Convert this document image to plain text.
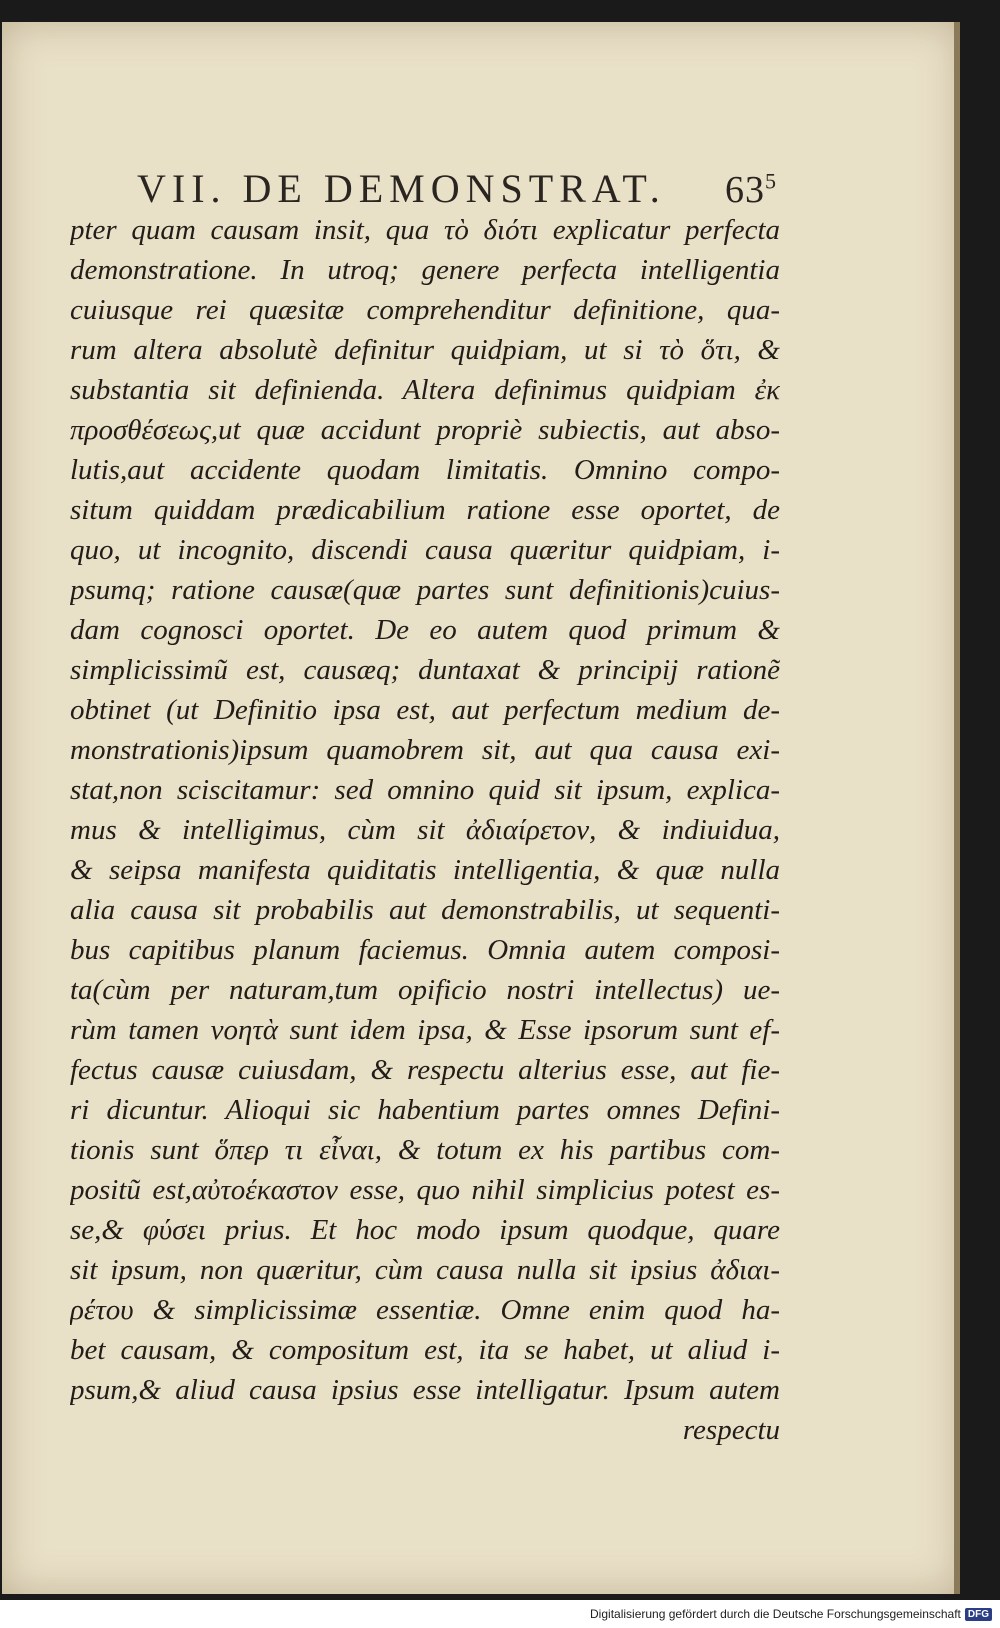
VII. DE DEMONSTRAT. $63^5$
pter quam causam insit, qua τὸ διότι explicatur perfecta
demonstratione. In utroq; genere perfecta intelligentia
cuiusque rei quæsitæ comprehenditur definitione, qua-
rum altera absolutè definitur quidpiam, ut si τὸ ὅτι, &
substantia sit definienda. Altera definimus quidpiam ἐκ
προσθέσεως,ut quæ accidunt propriè subiectis, aut abso-
lutis,aut accidente quodam limitatis. Omnino compo-
situm quiddam prædicabilium ratione esse oportet, de
quo, ut incognito, discendi causa quæritur quidpiam, i-
psumq; ratione causæ(quæ partes sunt definitionis)cuius-
dam cognosci oportet. De eo autem quod primum &
simplicissimũ est, causæq; duntaxat & principij rationẽ
obtinet (ut Definitio ipsa est, aut perfectum medium de-
monstrationis)ipsum quamobrem sit, aut qua causa exi-
stat,non sciscitamur: sed omnino quid sit ipsum, explica-
mus & intelligimus, cùm sit ἀδιαίρετον, & indiuidua,
& seipsa manifesta quiditatis intelligentia, & quæ nulla
alia causa sit probabilis aut demonstrabilis, ut sequenti-
bus capitibus planum faciemus. Omnia autem composi-
ta(cùm per naturam,tum opificio nostri intellectus) ue-
rùm tamen νοητὰ sunt idem ipsa, & Esse ipsorum sunt ef-
fectus causæ cuiusdam, & respectu alterius esse, aut fie-
ri dicuntur. Alioqui sic habentium partes omnes Defini-
tionis sunt ὅπερ τι εἶναι, & totum ex his partibus com-
positũ est,αὐτοέκαστον esse, quo nihil simplicius potest es-
se,& φύσει prius. Et hoc modo ipsum quodque, quare
sit ipsum, non quæritur, cùm causa nulla sit ipsius ἀδιαι-
ρέτου & simplicissimæ essentiæ. Omne enim quod ha-
bet causam, & compositum est, ita se habet, ut aliud i-
psum,& aliud causa ipsius esse intelligatur. Ipsum autem
respectu
Digitalisierung gefördert durch die Deutsche Forschungsgemeinschaft DFG
